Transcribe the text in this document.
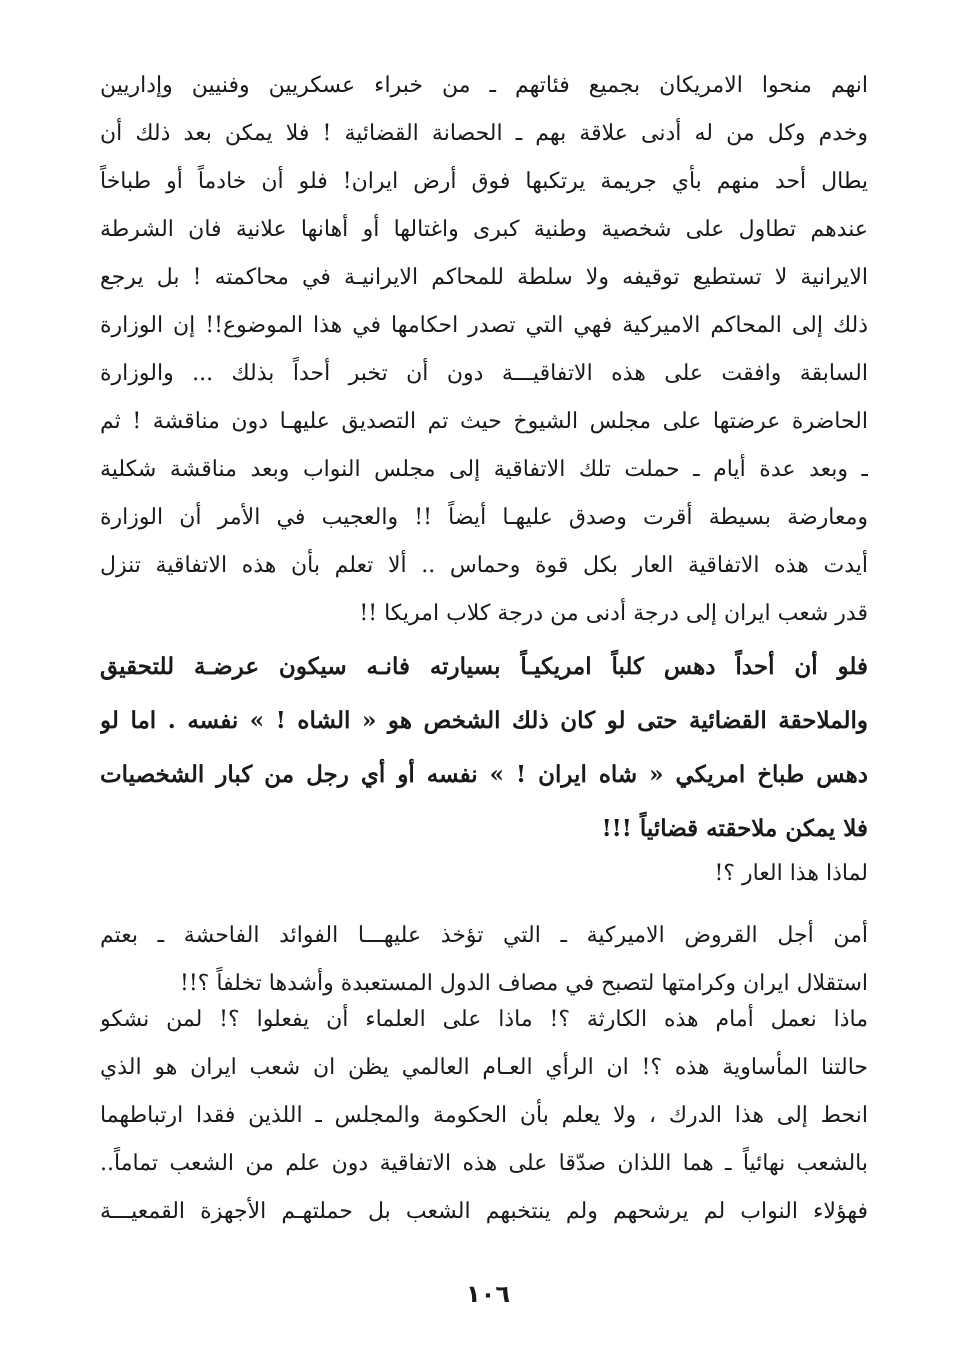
انهم منحوا الامريكان بجميع فئاتهم ـ من خبراء عسكريين وفنيين وإداريين
وخدم وكل من له أدنى علاقة بهم ـ الحصانة القضائية ! فلا يمكن بعد ذلك أن
يطال أحد منهم بأي جريمة يرتكبها فوق أرض ايران! فلو أن خادماً أو طباخاً
عندهم تطاول على شخصية وطنية كبرى واغتالها أو أهانها علانية فان الشرطة
الايرانية لا تستطيع توقيفه ولا سلطة للمحاكم الايرانيـة في محاكمته ! بل يرجع
ذلك إلى المحاكم الاميركية فهي التي تصدر احكامها في هذا الموضوع!! إن الوزارة
السابقة وافقت على هذه الاتفاقيـــة دون أن تخبر أحداً بذلك ... والوزارة
الحاضرة عرضتها على مجلس الشيوخ حيث تم التصديق عليهـا دون مناقشة ! ثم
ـ وبعد عدة أيام ـ حملت تلك الاتفاقية إلى مجلس النواب وبعد مناقشة شكلية
ومعارضة بسيطة أقرت وصدق عليهـا أيضاً !! والعجيب في الأمر أن الوزارة
أيدت هذه الاتفاقية العار بكل قوة وحماس .. ألا تعلم بأن هذه الاتفاقية تنزل
قدر شعب ايران إلى درجة أدنى من درجة كلاب امريكا !!
فلو أن أحداً دهس كلباً امريكيـاً بسيارته فانـه سيكون عرضـة للتحقيق
والملاحقة القضائية حتى لو كان ذلك الشخص هو « الشاه ! » نفسه . اما لو
دهس طباخ امريكي « شاه ايران ! » نفسه أو أي رجل من كبار الشخصيات
فلا يمكن ملاحقته قضائياً !!!
لماذا هذا العار ؟!
أمن أجل القروض الاميركية ـ التي تؤخذ عليهـــا الفوائد الفاحشة ـ بعتم
استقلال ايران وكرامتها لتصبح في مصاف الدول المستعبدة وأشدها تخلفاً ؟!!
ماذا نعمل أمام هذه الكارثة ؟! ماذا على العلماء أن يفعلوا ؟! لمن نشكو
حالتنا المأساوية هذه ؟! ان الرأي العـام العالمي يظن ان شعب ايران هو الذي
انحط إلى هذا الدرك ، ولا يعلم بأن الحكومة والمجلس ـ اللذين فقدا ارتباطهما
بالشعب نهائياً ـ هما اللذان صدّقا على هذه الاتفاقية دون علم من الشعب تماماً..
فهؤلاء النواب لم يرشحهم ولم ينتخبهم الشعب بل حملتهـم الأجهزة القمعيـــة
١٠٦
